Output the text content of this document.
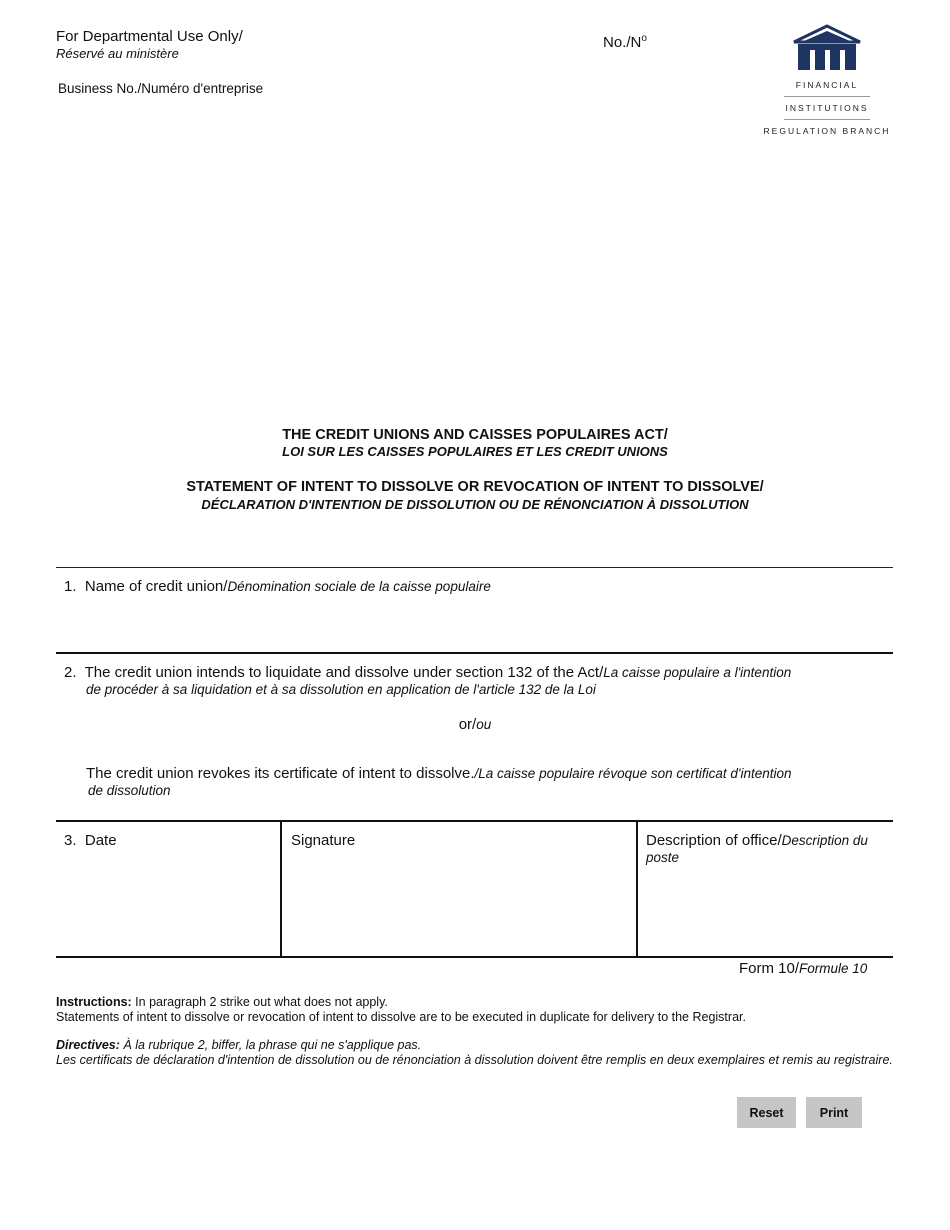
For Departmental Use Only/
Réservé au ministère
Business No./Numéro d'entreprise
$No./N^o$
FINANCIAL
INSTITUTIONS
REGULATION BRANCH
THE CREDIT UNIONS AND CAISSES POPULAIRES ACT/
LOI SUR LES CAISSES POPULAIRES ET LES CREDIT UNIONS
STATEMENT OF INTENT TO DISSOLVE OR REVOCATION OF INTENT TO DISSOLVE/
DÉCLARATION D'INTENTION DE DISSOLUTION OU DE RÉNONCIATION À DISSOLUTION
1. Name of credit union/Dénomination sociale de la caisse populaire
2. The credit union intends to liquidate and dissolve under section 132 of the Act/La caisse populaire a l'intention
de procéder à sa liquidation et à sa dissolution en application de l'article 132 de la Loi
or/ou
The credit union revokes its certificate of intent to dissolve./La caisse populaire révoque son certificat d'intention
de dissolution
3. Date	Signature	Description of office/Description du
poste
Form 10/Formule 10
Instructions: In paragraph 2 strike out what does not apply.
Statements of intent to dissolve or revocation of intent to dissolve are to be executed in duplicate for delivery to the Registrar.
Directives: À la rubrique 2, biffer, la phrase qui ne s'applique pas.
Les certificats de déclaration d'intention de dissolution ou de rénonciation à dissolution doivent être remplis en deux exemplaires et remis au registraire.
Reset	Print
